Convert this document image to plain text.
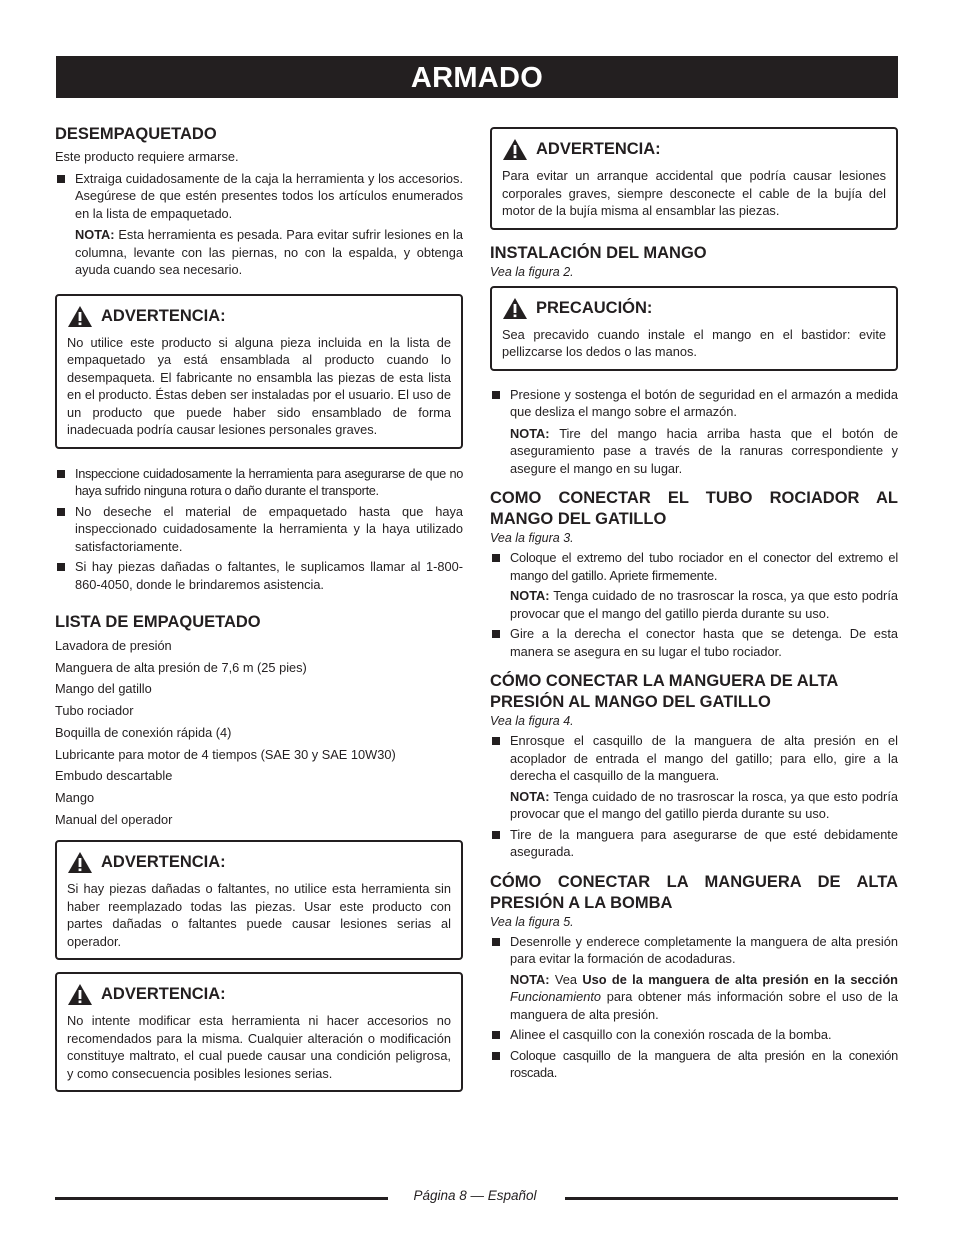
ARMADO
DESEMPAQUETADO

Este producto requiere armarse.

Extraiga cuidadosamente de la caja la herramienta y los accesorios. Asegúrese de que estén presentes todos los artículos enumerados en la lista de empaquetado.

NOTA: Esta herramienta es pesada. Para evitar sufrir lesiones en la columna, levante con las piernas, no con la espalda, y obtenga ayuda cuando sea necesario.

ADVERTENCIA:

No utilice este producto si alguna pieza incluida en la lista de empaquetado ya está ensamblada al producto cuando lo desempaqueta. El fabricante no ensambla las piezas de esta lista en el producto. Éstas deben ser instaladas por el usuario. El uso de un producto que puede haber sido ensamblado de forma inadecuada podría causar lesiones personales graves.

Inspeccione cuidadosamente la herramienta para asegurarse de que no haya sufrido ninguna rotura o daño durante el transporte.

No deseche el material de empaquetado hasta que haya inspeccionado cuidadosamente la herramienta y la haya utilizado satisfactoriamente.

Si hay piezas dañadas o faltantes, le suplicamos llamar al 1-800-860-4050, donde le brindaremos asistencia.

LISTA DE EMPAQUETADO

Lavadora de presión

Manguera de alta presión de 7,6 m (25 pies)

Mango del gatillo

Tubo rociador

Boquilla de conexión rápida (4)

Lubricante para motor de 4 tiempos (SAE 30 y SAE 10W30)

Embudo descartable

Mango

Manual del operador

ADVERTENCIA:

Si hay piezas dañadas o faltantes, no utilice esta herramienta sin haber reemplazado todas las piezas. Usar este producto con partes dañadas o faltantes puede causar lesiones serias al operador.

ADVERTENCIA:

No intente modificar esta herramienta ni hacer accesorios no recomendados para la misma. Cualquier alteración o modificación constituye maltrato, el cual puede causar una condición peligrosa, y como consecuencia posibles lesiones serias.

ADVERTENCIA:

Para evitar un arranque accidental que podría causar lesiones corporales graves, siempre desconecte el cable de la bujía del motor de la bujía misma al ensamblar las piezas.

INSTALACIÓN DEL MANGO

Vea la figura 2.

PRECAUCIÓN:

Sea precavido cuando instale el mango en el bastidor: evite pellizcarse los dedos o las manos.

Presione y sostenga el botón de seguridad en el armazón a medida que desliza el mango sobre el armazón.

NOTA: Tire del mango hacia arriba hasta que el botón de aseguramiento pase a través de la ranuras correspondiente y asegure el mango en su lugar.

COMO CONECTAR EL TUBO ROCIADOR AL MANGO DEL GATILLO

Vea la figura 3.

Coloque el extremo del tubo rociador en el conector del extremo el mango del gatillo. Apriete firmemente.

NOTA: Tenga cuidado de no trasroscar la rosca, ya que esto podría provocar que el mango del gatillo pierda durante su uso.

Gire a la derecha el conector hasta que se detenga. De esta manera se asegura en su lugar el tubo rociador.

CÓMO CONECTAR LA MANGUERA DE ALTA PRESIÓN AL MANGO DEL GATILLO

Vea la figura 4.

Enrosque el casquillo de la manguera de alta presión en el acoplador de entrada el mango del gatillo; para ello, gire a la derecha el casquillo de la manguera.

NOTA: Tenga cuidado de no trasroscar la rosca, ya que esto podría provocar que el mango del gatillo pierda durante su uso.

Tire de la manguera para asegurarse de que esté debidamente asegurada.

CÓMO CONECTAR LA MANGUERA DE ALTA PRESIÓN A LA BOMBA

Vea la figura 5.

Desenrolle y enderece completamente la manguera de alta presión para evitar la formación de acodaduras.

NOTA: Vea Uso de la manguera de alta presión en la sección Funcionamiento para obtener más información sobre el uso de la manguera de alta presión.

Alinee el casquillo con la conexión roscada de la bomba.

Coloque casquillo de la manguera de alta presión en la conexión roscada.

Página 8 — Español
